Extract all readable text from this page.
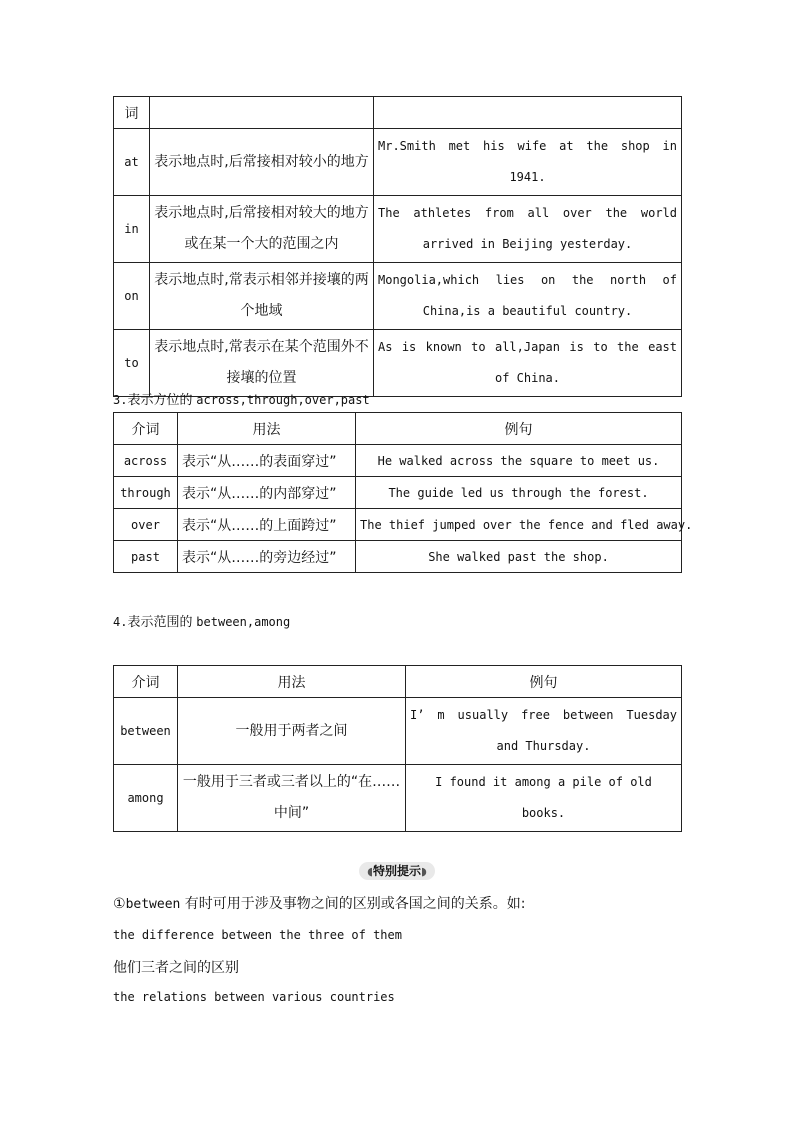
词		
at	表示地点时,后常接相对较小的地方	Mr.Smith met his wife at the shop in 1941.
in	表示地点时,后常接相对较大的地方或在某一个大的范围之内	The athletes from all over the world arrived in Beijing yesterday.
on	表示地点时,常表示相邻并接壤的两个地域	Mongolia,which lies on the north of China,is a beautiful country.
to	表示地点时,常表示在某个范围外不接壤的位置	As is known to all,Japan is to the east of China.
3.表示方位的 across,through,over,past
介词	用法	例句
across	表示“从……的表面穿过”	He walked across the square to meet us.
through	表示“从……的内部穿过”	The guide led us through the forest.
over	表示“从……的上面跨过”	The thief jumped over the fence and fled away.
past	表示“从……的旁边经过”	She walked past the shop.
4.表示范围的 between,among
介词	用法	例句
between	一般用于两者之间	I’ m usually free between Tuesday and Thursday.
among	一般用于三者或三者以上的“在……中间”	I found it among a pile of old books.
◖特别提示◗
①between 有时可用于涉及事物之间的区别或各国之间的关系。如:
the difference between the three of them
他们三者之间的区别
the relations between various countries
